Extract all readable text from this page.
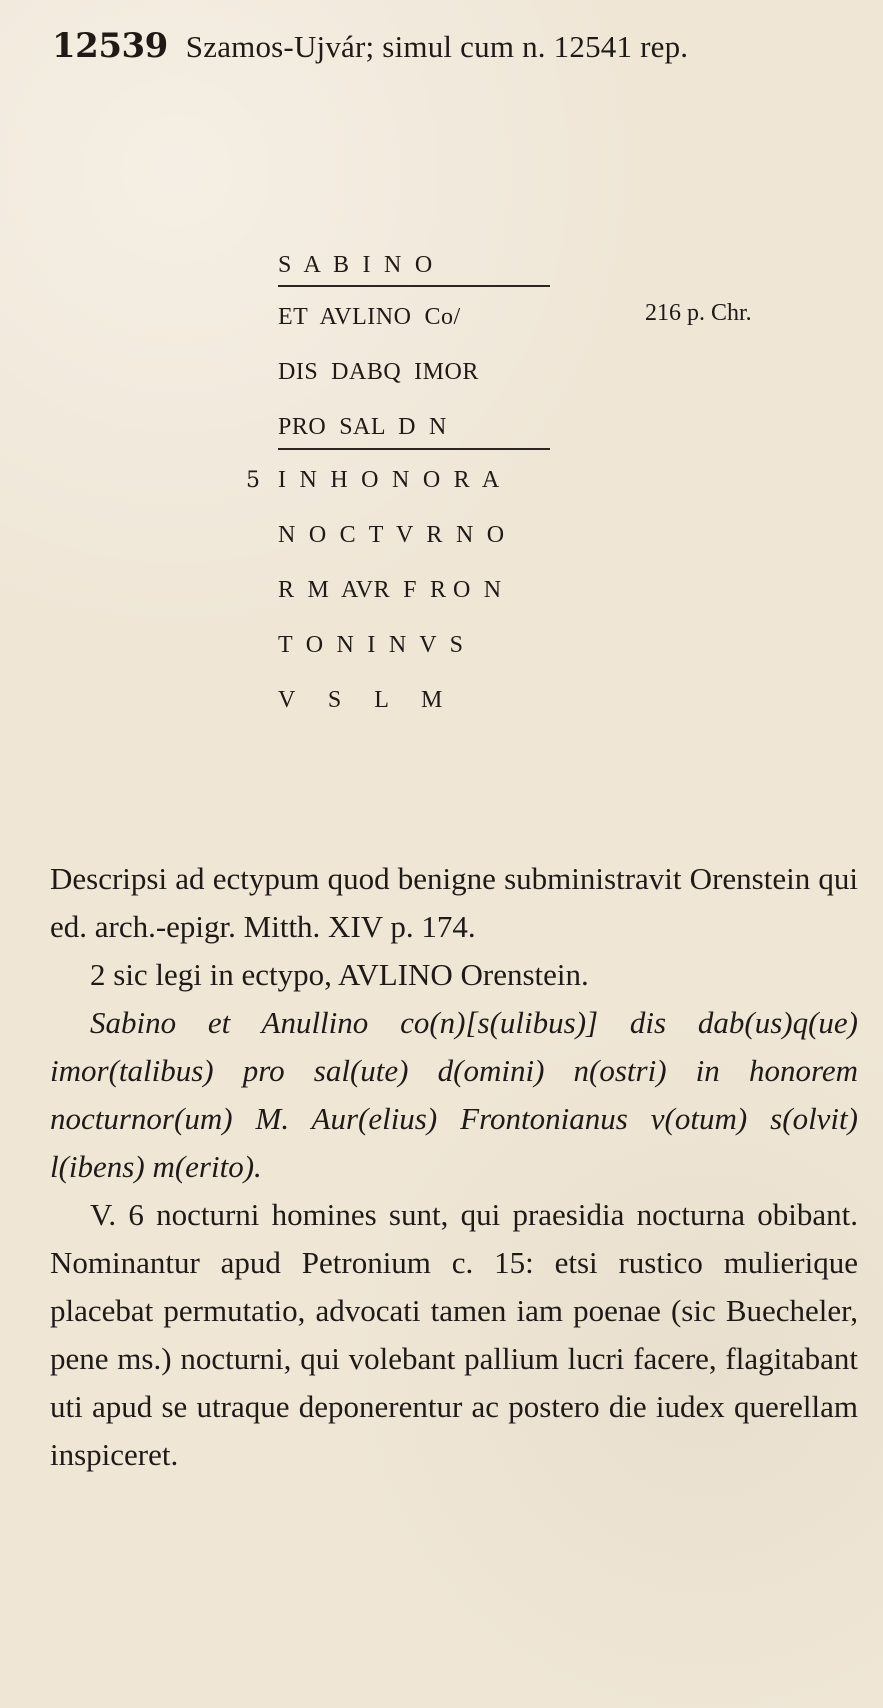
12539 Szamos-Ujvár; simul cum n. 12541 rep.
S  A  B  I  N  O
ET  AVLINO  Co/	216 p. Chr.
DIS  DABQ  IMOR
PRO  SAL  D  N
5 I  N  H  O  N  O  R  A
N  O  C  T  V  R  N  O
R  M  AVR  F  R O  N
T  O  N  I  N  V  S
V     S     L     M

Descripsi ad ectypum quod benigne subministravit Orenstein qui ed. arch.-epigr. Mitth. XIV p. 174.

2 sic legi in ectypo, AVLINO Orenstein.

Sabino et Anullino co(n)[s(ulibus)] dis dab(us)q(ue) imor(talibus) pro sal(ute) d(omini) n(ostri) in honorem nocturnor(um) M. Aur(elius) Frontonianus v(otum) s(olvit) l(ibens) m(erito).

V. 6 nocturni homines sunt, qui praesidia nocturna obibant. Nominantur apud Petronium c. 15: etsi rustico mulierique placebat permutatio, advocati tamen iam poenae (sic Buecheler, pene ms.) nocturni, qui volebant pallium lucri facere, flagitabant uti apud se utraque deponerentur ac postero die iudex querellam inspiceret.
